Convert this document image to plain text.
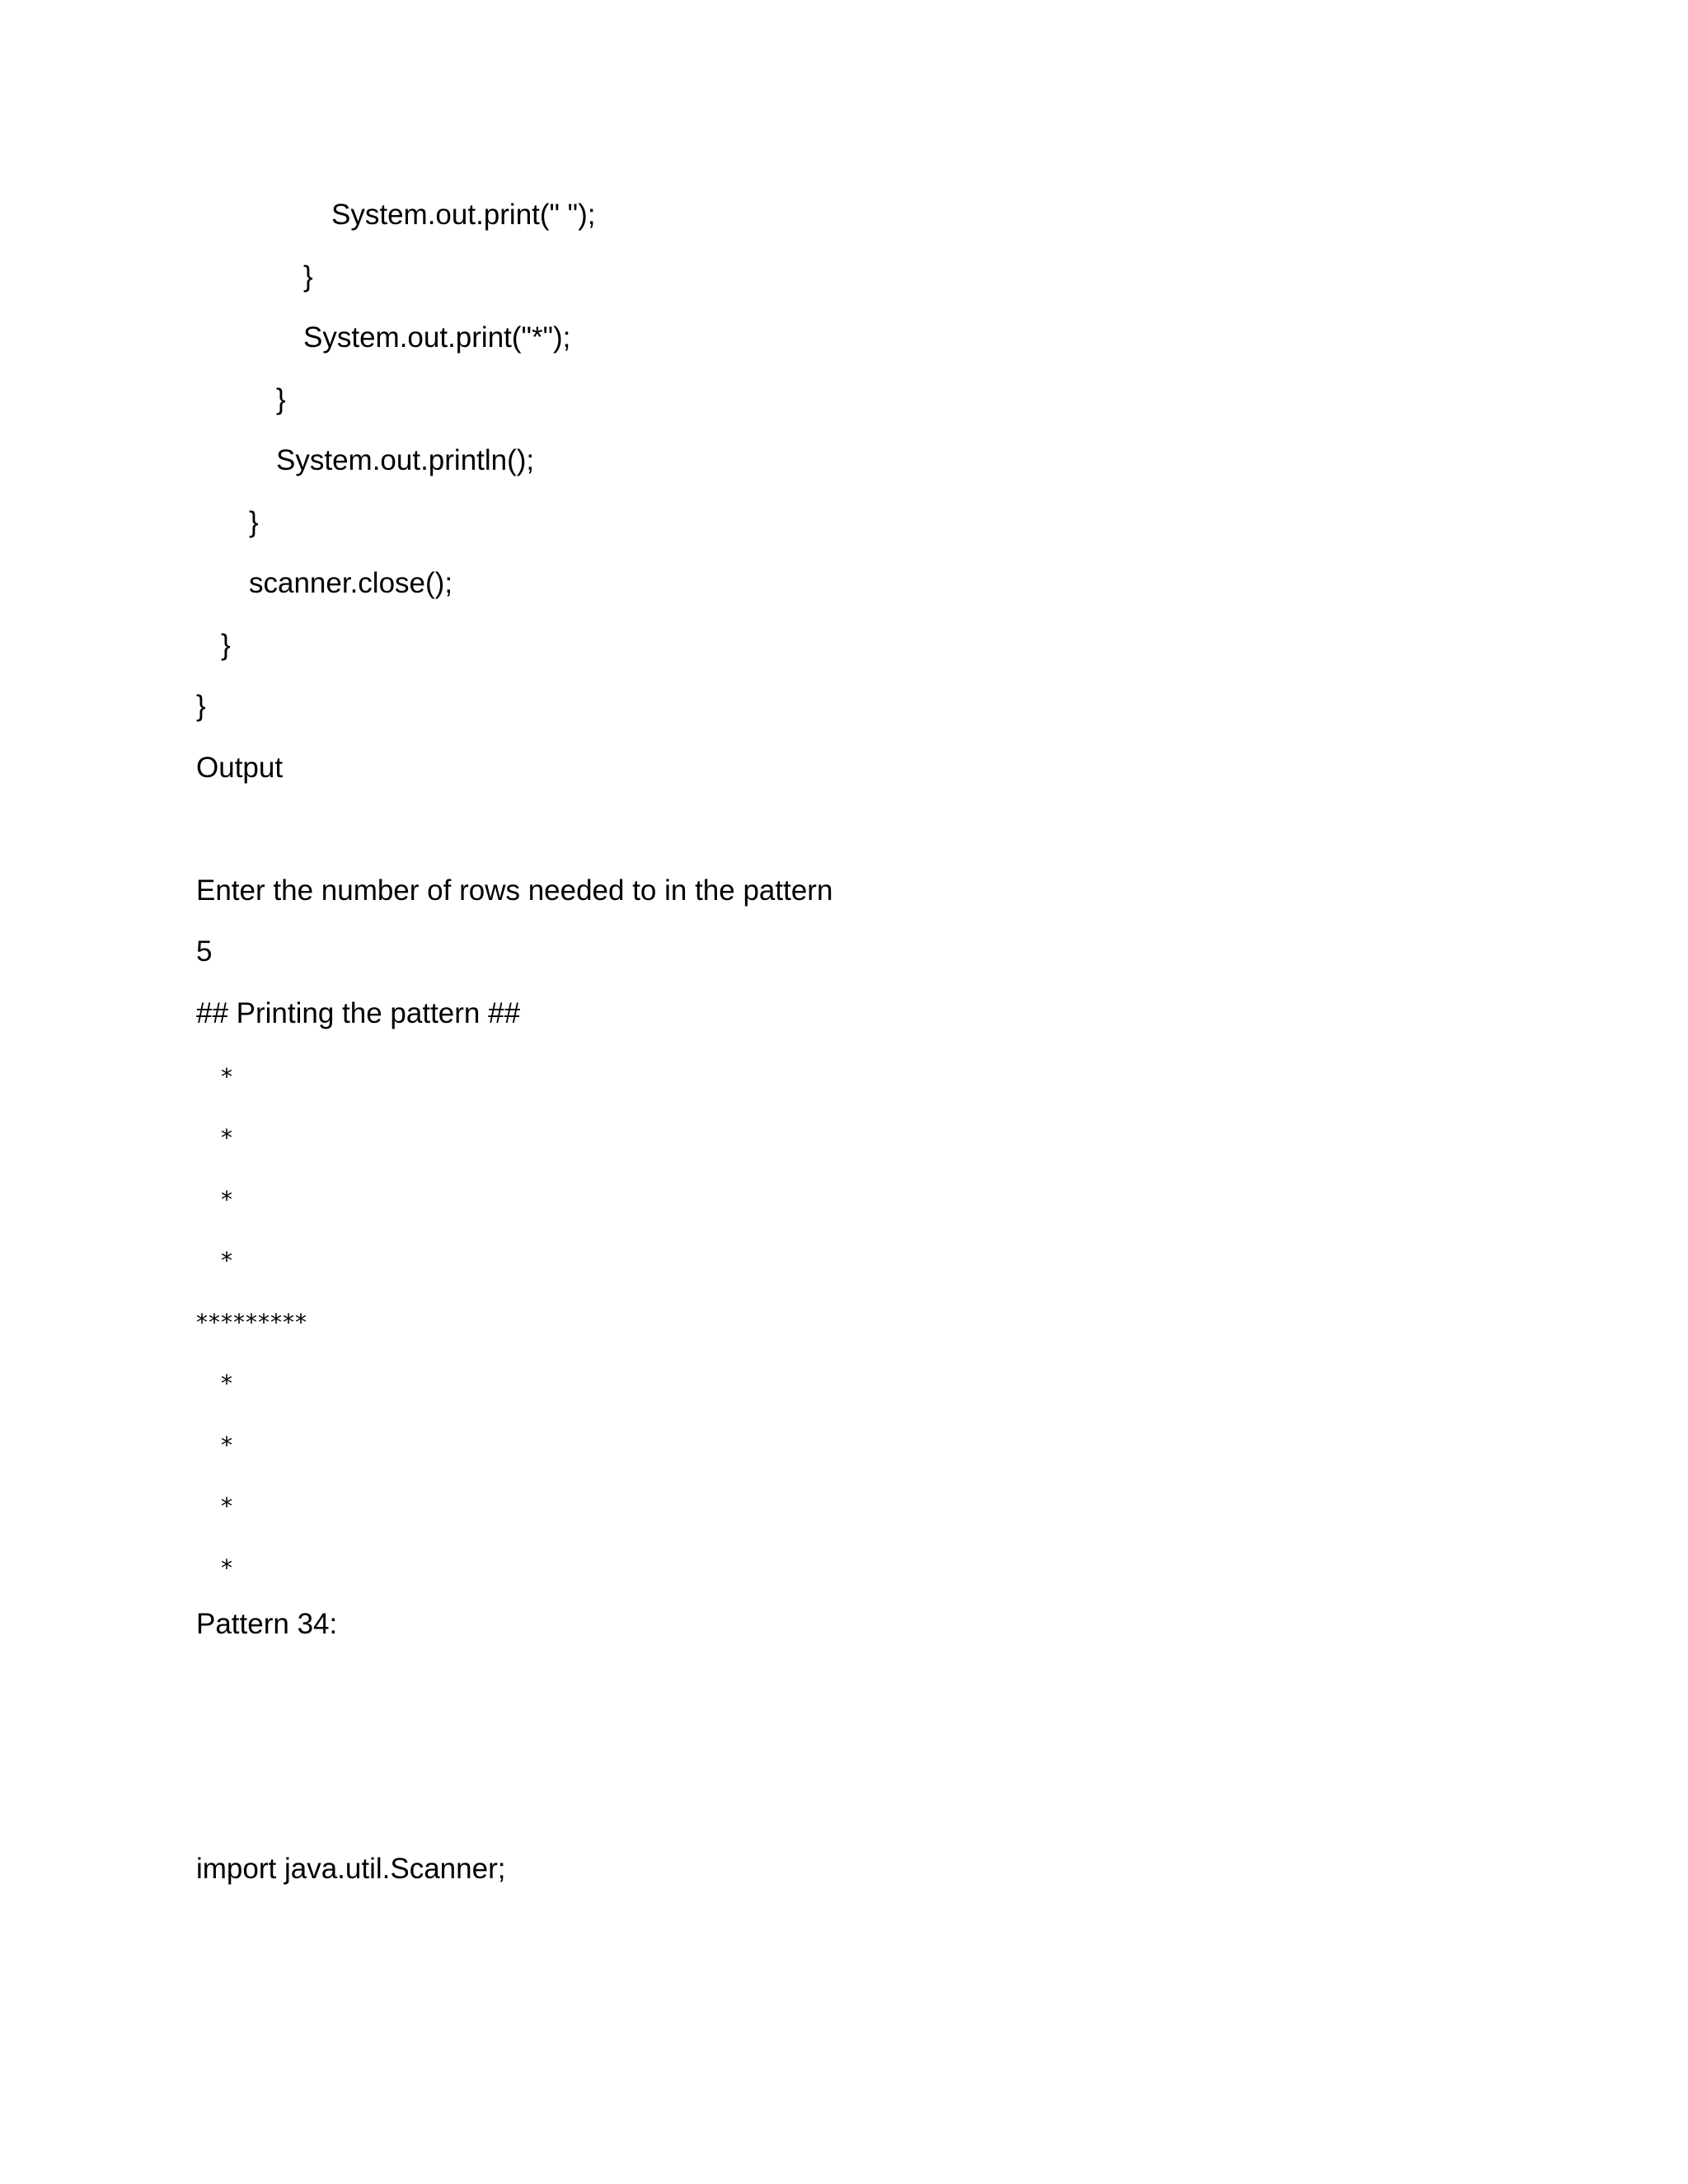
System.out.print(" ");
}
System.out.print("*");
}
System.out.println();
}
scanner.close();
}
}
Output
Enter the number of rows needed to in the pattern
5
## Printing the pattern ##
*
*
*
*
*********
*
*
*
*
Pattern 34:
import java.util.Scanner;
